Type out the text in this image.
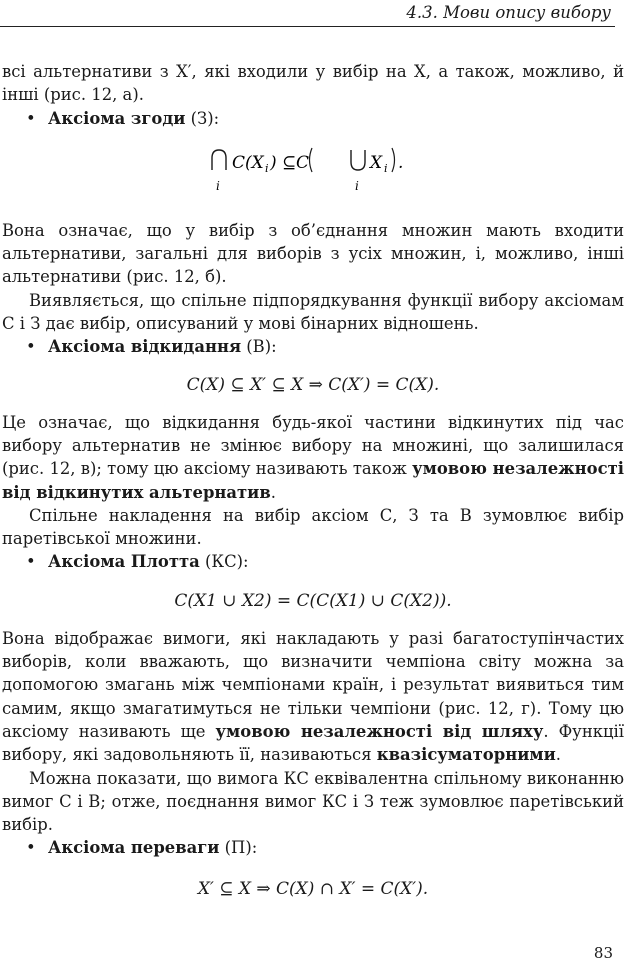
4.3. Мови опису вибору

всі альтернативи з X′, які входили у вибір на X, а також, можливо, й інші (рис. 12, а).

• Аксіома згоди (З):

i
C(X i ) ⊆ C
i
X i .

Вона означає, що у вибір з об’єднання множин мають входити альтернативи, загальні для виборів з усіх множин, і, можливо, інші альтернативи (рис. 12, б).

Виявляється, що спільне підпорядкування функції вибору аксіомам С і З дає вибір, описуваний у мові бінарних відношень.

• Аксіома відкидання (В):

C(X) ⊆ X′ ⊆ X ⇒ C(X′) = C(X).

Це означає, що відкидання будь-якої частини відкинутих під час вибору альтернатив не змінює вибору на множині, що залишилася (рис. 12, в); тому цю аксіому називають також умовою незалежності від відкинутих альтернатив.

Спільне накладення на вибір аксіом С, З та В зумовлює вибір паретівської множини.

• Аксіома Плотта (КС):

C(X1 ∪ X2) = C(C(X1) ∪ C(X2)).

Вона відображає вимоги, які накладають у разі багатоступінчастих виборів, коли вважають, що визначити чемпіона світу можна за допомогою змагань між чемпіонами країн, і результат виявиться тим самим, якщо змагатимуться не тільки чемпіони (рис. 12, г). Тому цю аксіому називають ще умовою незалежності від шляху. Функції вибору, які задовольняють її, називаються квазісуматорними.

Можна показати, що вимога КС еквівалентна спільному виконанню вимог С і В; отже, поєднання вимог КС і З теж зумовлює паретівський вибір.

• Аксіома переваги (П):

X′ ⊆ X ⇒ C(X) ∩ X′ = C(X′).
83
